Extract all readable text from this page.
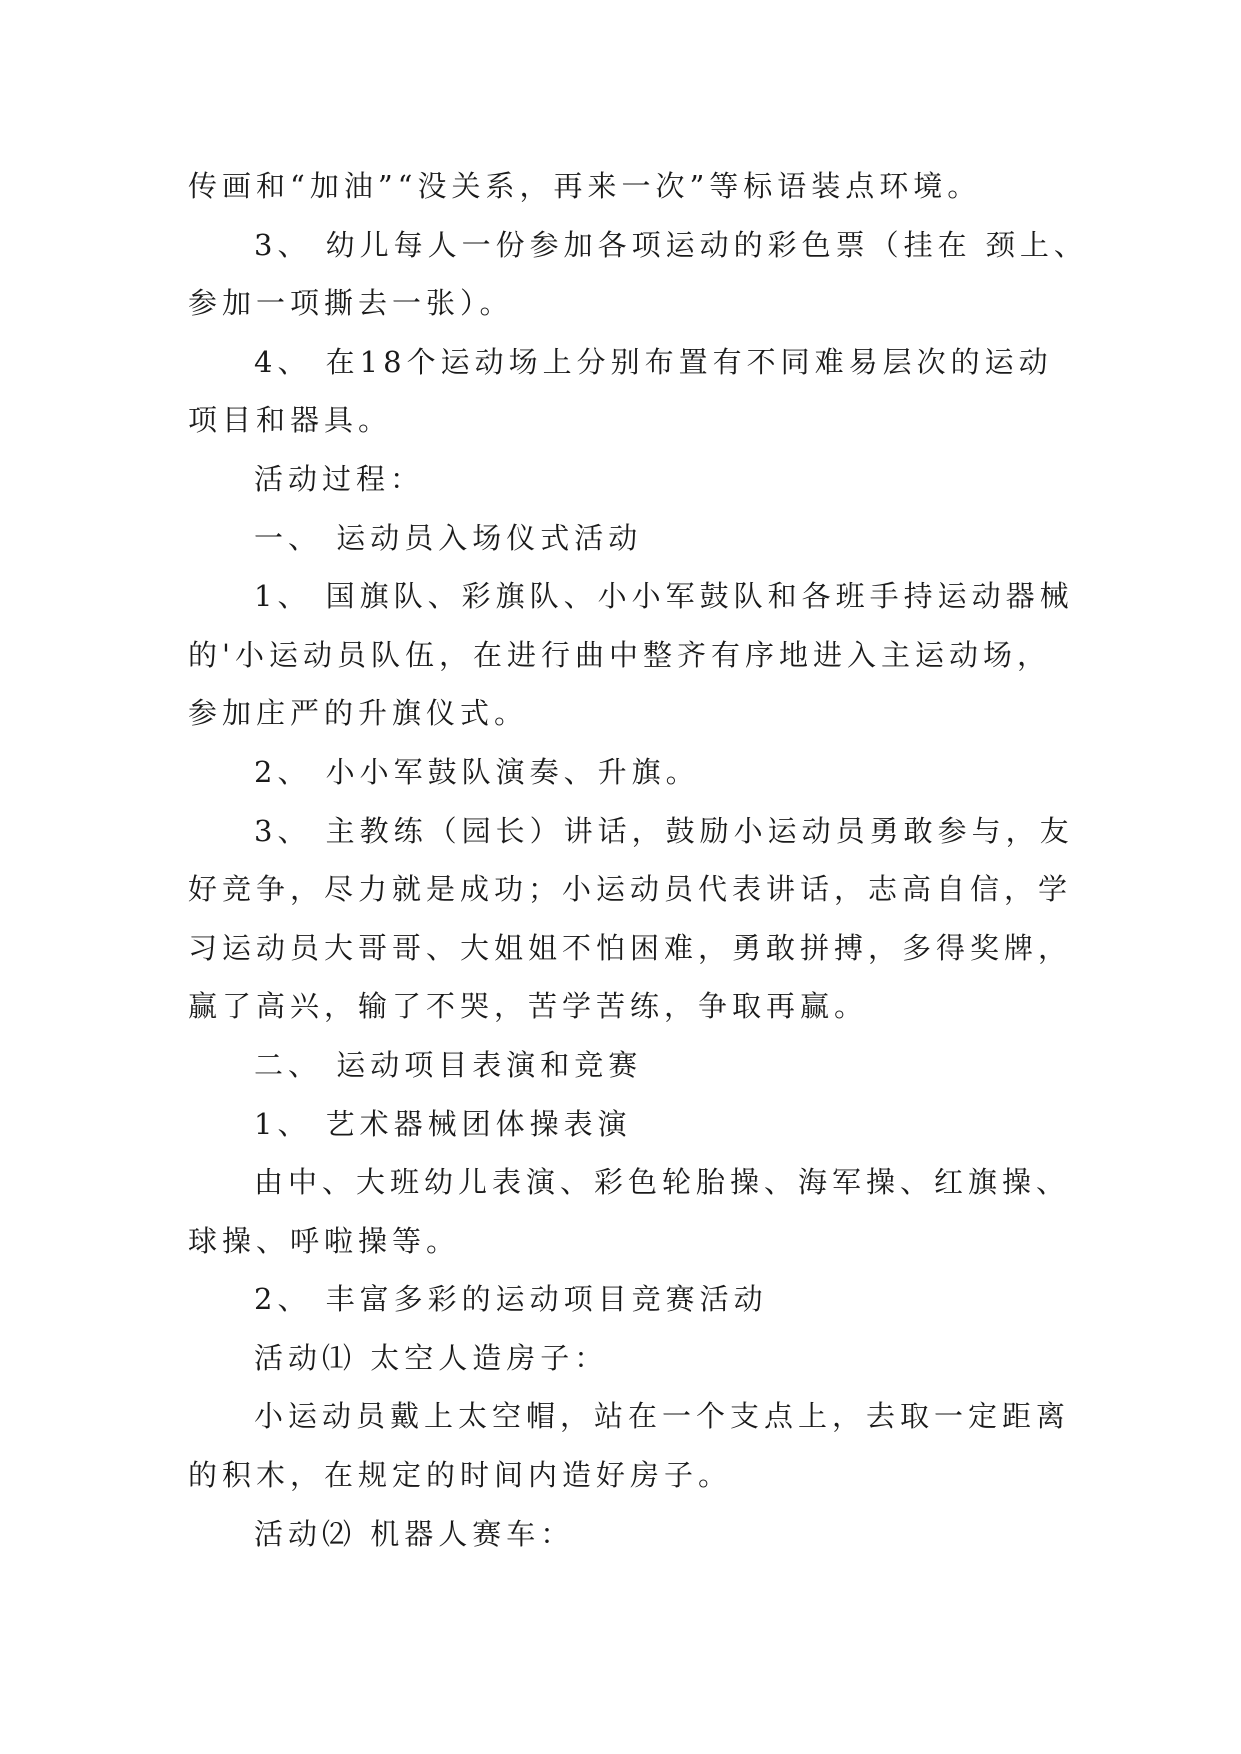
传画和“加油”“没关系，再来一次”等标语装点环境。
3、 幼儿每人一份参加各项运动的彩色票（挂在 颈上、
参加一项撕去一张）。
4、 在18个运动场上分别布置有不同难易层次的运动
项目和器具。
活动过程：
一、 运动员入场仪式活动
1、 国旗队、彩旗队、小小军鼓队和各班手持运动器械
的'小运动员队伍，在进行曲中整齐有序地进入主运动场，
参加庄严的升旗仪式。
2、 小小军鼓队演奏、升旗。
3、 主教练（园长）讲话，鼓励小运动员勇敢参与，友
好竞争，尽力就是成功；小运动员代表讲话，志高自信，学
习运动员大哥哥、大姐姐不怕困难，勇敢拼搏，多得奖牌，
赢了高兴，输了不哭，苦学苦练，争取再赢。
二、 运动项目表演和竞赛
1、 艺术器械团体操表演
由中、大班幼儿表演、彩色轮胎操、海军操、红旗操、
球操、呼啦操等。
2、 丰富多彩的运动项目竞赛活动
活动⑴ 太空人造房子：
小运动员戴上太空帽，站在一个支点上，去取一定距离
的积木，在规定的时间内造好房子。
活动⑵ 机器人赛车：
